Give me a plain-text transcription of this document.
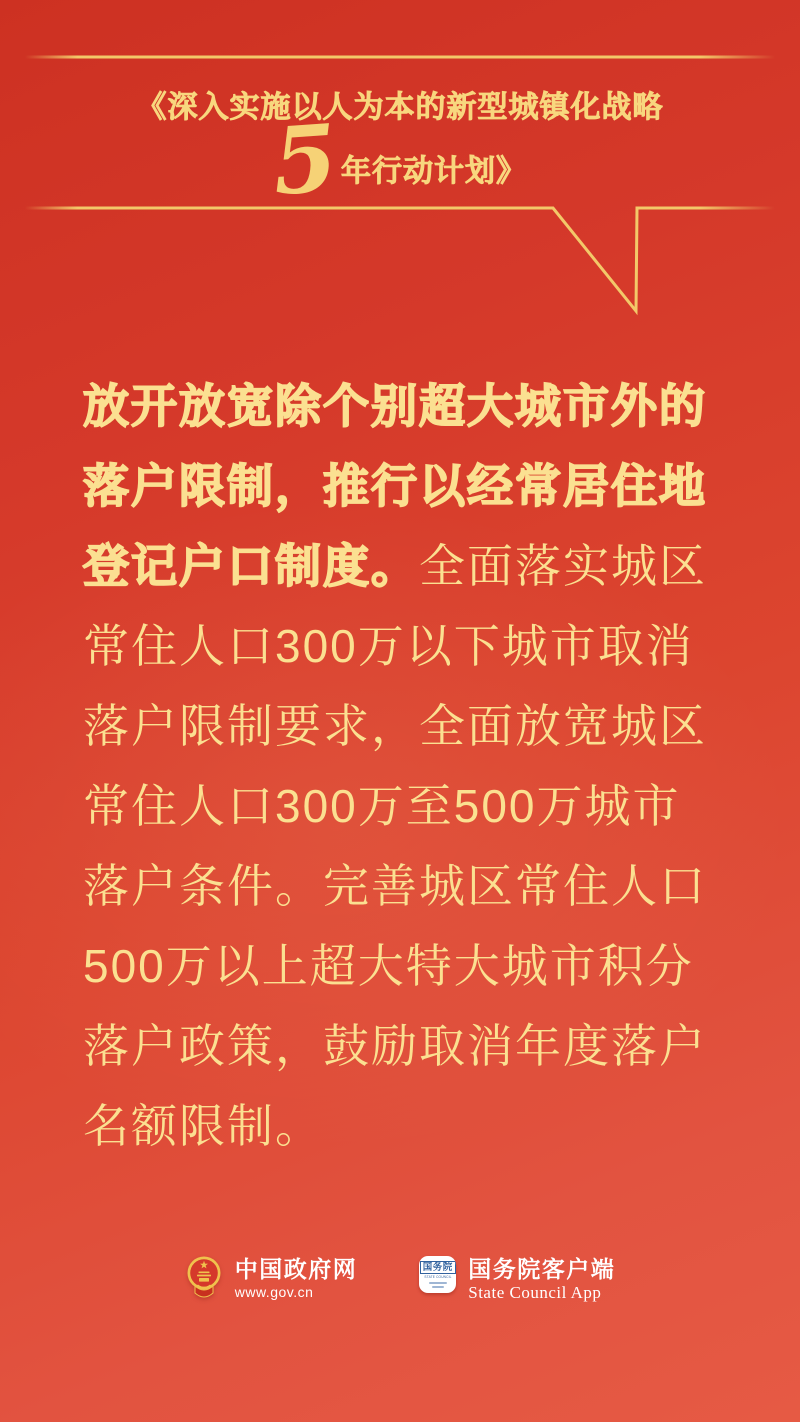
《深入实施以人为本的新型城镇化战略
5 年行动计划》
放开放宽除个别超大城市外的
落户限制，推行以经常居住地
登记户口制度。全面落实城区
常住人口300万以下城市取消
落户限制要求，全面放宽城区
常住人口300万至500万城市
落户条件。完善城区常住人口
500万以上超大特大城市积分
落户政策，鼓励取消年度落户
名额限制。
中国政府网
www.gov.cn
国务院
STATE COUNCIL 国务院客户端
State Council App
